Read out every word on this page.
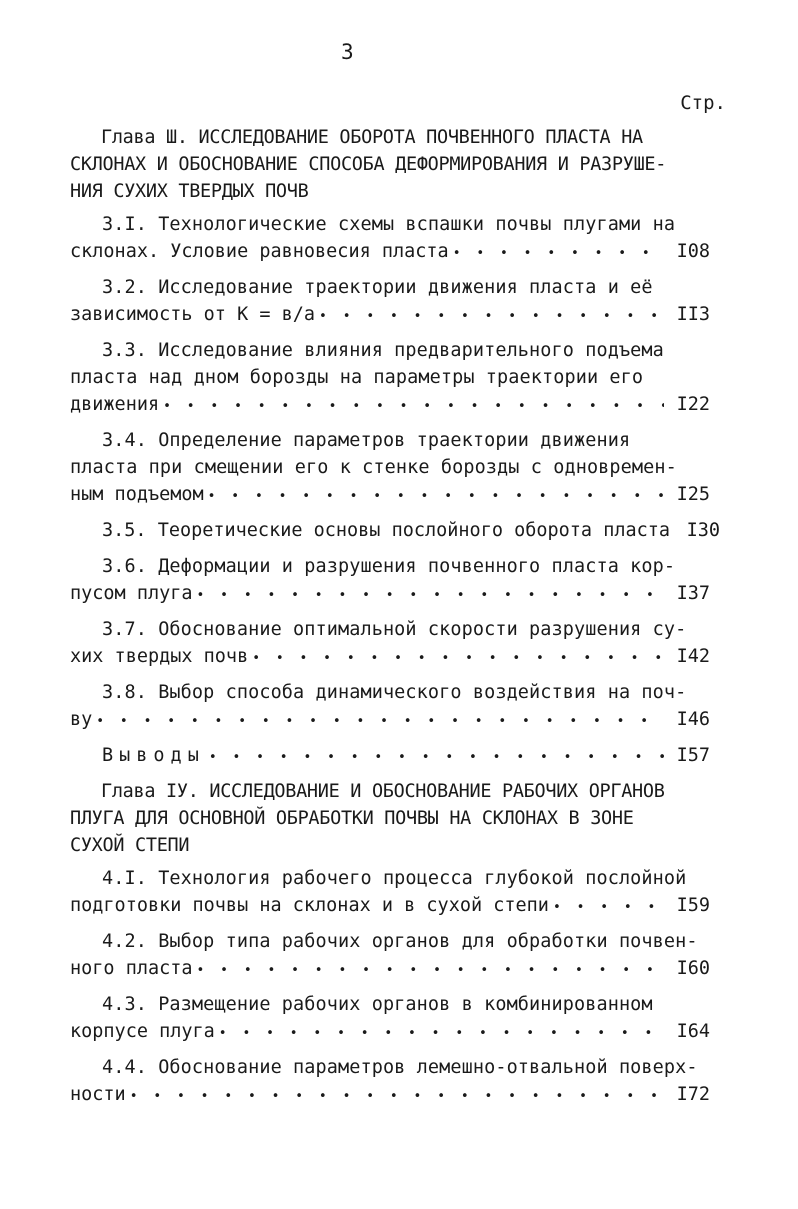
3
Стр.
Глава Ш. ИССЛЕДОВАНИЕ ОБОРОТА ПОЧВЕННОГО ПЛАСТА НА
СКЛОНАХ И ОБОСНОВАНИЕ СПОСОБА ДЕФОРМИРОВАНИЯ И РАЗРУШЕ-
НИЯ СУХИХ ТВЕРДЫХ ПОЧВ
3.I. Технологические схемы вспашки почвы плугами на
склонах. Условие равновесия пласта • • •	I08
3.2. Исследование траектории движения пласта и её
зависимость от К = в/а • • •	II3
3.3. Исследование влияния предварительного подъема
пласта над дном борозды на параметры траектории его
движения • • •	I22
3.4. Определение параметров траектории движения
пласта при смещении его к стенке борозды с одновремен-
ным подъемом • • •	I25
3.5. Теоретические основы послойного оборота пласта I30
3.6. Деформации и разрушения почвенного пласта кор-
пусом плуга • • •	I37
3.7. Обоснование оптимальной скорости разрушения су-
хих твердых почв • • •	I42
3.8. Выбор способа динамического воздействия на поч-
ву • • •	I46
Выводы • • •	I57
Глава IУ. ИССЛЕДОВАНИЕ И ОБОСНОВАНИЕ РАБОЧИХ ОРГАНОВ
ПЛУГА ДЛЯ ОСНОВНОЙ ОБРАБОТКИ ПОЧВЫ НА СКЛОНАХ В ЗОНЕ
СУХОЙ СТЕПИ
4.I. Технология рабочего процесса глубокой послойной
подготовки почвы на склонах и в сухой степи • • •	I59
4.2. Выбор типа рабочих органов для обработки почвен-
ного пласта • • •	I60
4.3. Размещение рабочих органов в комбинированном
корпусе плуга • • •	I64
4.4. Обоснование параметров лемешно-отвальной поверх-
ности • • •	I72
